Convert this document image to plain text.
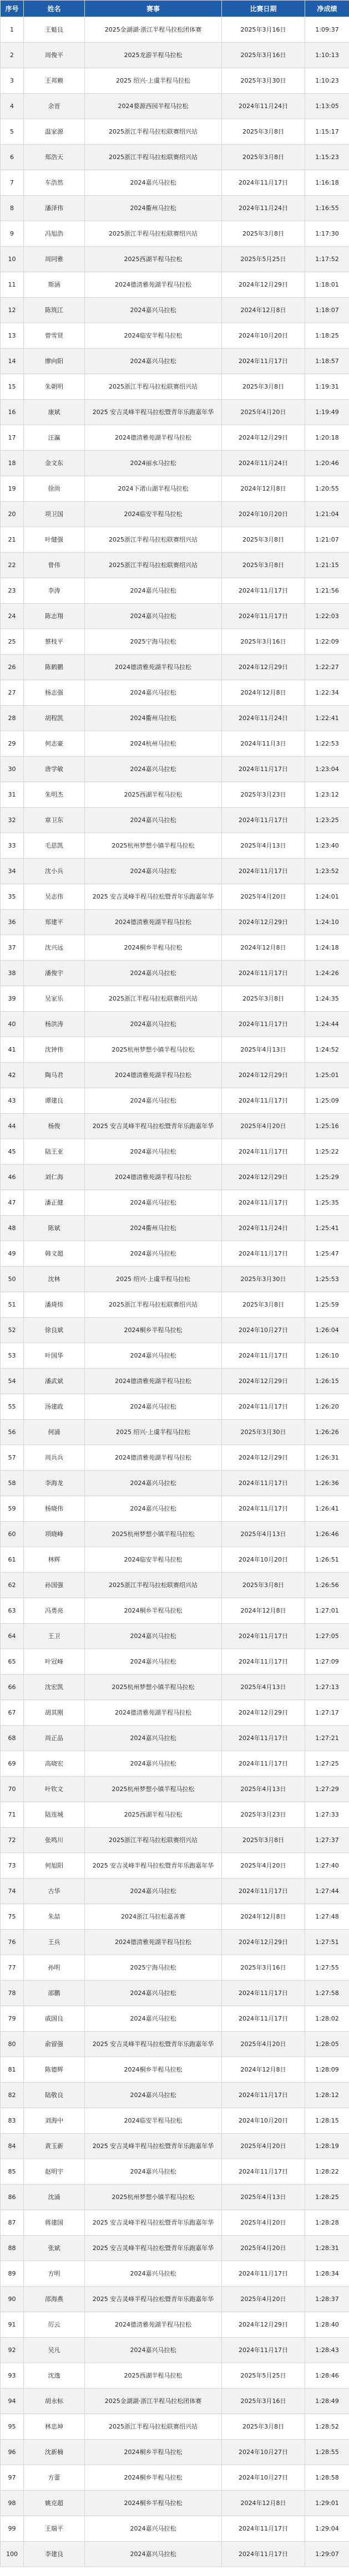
序号	姓名	赛事	比赛日期	净成绩
1	王魁良	2025金湖湖·浙江半程马拉松团体赛	2025年3月16日	1:09:37
2	周俊平	2025龙游半程马拉松	2025年3月16日	1:10:13
3	王邦赖	2025 绍兴·上虞半程马拉松	2025年3月30日	1:10:23
4	余晋	2024婺源西园半程马拉松	2024年11月24日	1:13:05
5	温家源	2025浙江半程马拉松联赛绍兴站	2025年3月8日	1:15:17
6	郑浩天	2025浙江半程马拉松联赛绍兴站	2025年3月8日	1:15:23
7	车浩然	2024嘉兴马拉松	2024年11月17日	1:16:18
8	潘泽伟	2024衢州马拉松	2024年11月24日	1:16:55
9	冯旭浩	2025浙江半程马拉松联赛绍兴站	2025年3月8日	1:17:30
10	周同雅	2025西湖半程马拉松	2025年5月25日	1:17:52
11	斯涵	2024德清雅苑湖半程马拉松	2024年12月29日	1:18:01
12	陈筑江	2024嘉兴马拉松	2024年12月8日	1:18:07
13	曾雪贤	2024临安半程马拉松	2024年10月20日	1:18:25
14	廖向阳	2024嘉兴马拉松	2024年11月17日	1:18:57
15	朱朝明	2025浙江半程马拉松联赛绍兴站	2025年3月8日	1:19:31
16	康斌	2025 安吉灵峰半程马拉松暨青年乐跑嘉年华	2025年4月20日	1:19:49
17	汪瀛	2024德清雅苑湖半程马拉松	2024年12月29日	1:20:18
18	金文东	2024丽水马拉松	2024年11月24日	1:20:46
19	徐尚	2024下渚山湖半程马拉松	2024年12月8日	1:20:55
20	项卫国	2024临安半程马拉松	2024年10月20日	1:21:04
21	叶健强	2025浙江半程马拉松联赛绍兴站	2025年3月8日	1:21:07
22	曾伟	2025浙江半程马拉松联赛绍兴站	2025年3月8日	1:21:15
23	李涛	2024嘉兴马拉松	2024年11月17日	1:21:56
24	陈志翔	2024嘉兴马拉松	2024年11月17日	1:22:03
25	蔡枝平	2025宁海马拉松	2025年3月16日	1:22:09
26	陈鹤鹏	2024德清雅苑湖半程马拉松	2024年12月29日	1:22:27
27	杨志强	2024嘉兴马拉松	2024年12月8日	1:22:34
28	胡程凯	2024衢州马拉松	2024年11月24日	1:22:41
29	何志豪	2024杭州马拉松	2024年11月3日	1:22:53
30	唐学敏	2024嘉兴马拉松	2024年11月17日	1:23:04
31	朱明杰	2025西湖半程马拉松	2025年3月23日	1:23:12
32	章卫东	2024嘉兴马拉松	2024年11月17日	1:23:25
33	毛思凯	2025杭州梦想小镇半程马拉松	2025年4月13日	1:23:40
34	沈小兵	2024嘉兴马拉松	2024年11月17日	1:23:52
35	吴志伟	2025 安吉灵峰半程马拉松暨青年乐跑嘉年华	2025年4月20日	1:24:01
36	郑建平	2024德清雅苑湖半程马拉松	2024年12月29日	1:24:10
37	沈兴远	2024桐乡半程马拉松	2024年12月8日	1:24:18
38	潘俊宇	2024嘉兴马拉松	2024年11月17日	1:24:26
39	吴家乐	2025浙江半程马拉松联赛绍兴站	2025年3月8日	1:24:35
40	杨洪涛	2024嘉兴马拉松	2024年11月17日	1:24:44
41	沈钟伟	2025杭州梦想小镇半程马拉松	2025年4月13日	1:24:52
42	陶马君	2024德清雅苑湖半程马拉松	2024年12月29日	1:25:01
43	谭建良	2024嘉兴马拉松	2024年11月17日	1:25:09
44	杨俊	2025 安吉灵峰半程马拉松暨青年乐跑嘉年华	2025年4月20日	1:25:16
45	陆王亚	2024嘉兴马拉松	2024年11月17日	1:25:22
46	刘仁海	2024德清雅苑湖半程马拉松	2024年12月29日	1:25:29
47	潘正健	2024嘉兴马拉松	2024年11月17日	1:25:35
48	陈斌	2024衢州马拉松	2024年11月24日	1:25:41
49	韩文超	2024嘉兴马拉松	2024年11月17日	1:25:47
50	沈林	2025 绍兴·上虞半程马拉松	2025年3月30日	1:25:53
51	潘琦炜	2025浙江半程马拉松联赛绍兴站	2025年3月8日	1:25:59
52	徐良斌	2024桐乡半程马拉松	2024年10月27日	1:26:04
53	叶国华	2024嘉兴马拉松	2024年11月17日	1:26:10
54	潘武斌	2024德清雅苑湖半程马拉松	2024年12月29日	1:26:15
55	汤建政	2024嘉兴马拉松	2024年11月17日	1:26:20
56	何涌	2025 绍兴·上虞半程马拉松	2025年3月30日	1:26:26
57	周兵兵	2024德清雅苑湖半程马拉松	2024年12月29日	1:26:31
58	李海龙	2024嘉兴马拉松	2024年11月17日	1:26:36
59	杨晓伟	2024嘉兴马拉松	2024年11月17日	1:26:41
60	项晓峰	2025杭州梦想小镇半程马拉松	2025年4月13日	1:26:46
61	林辉	2024临安半程马拉松	2024年10月20日	1:26:51
62	孙国强	2025浙江半程马拉松联赛绍兴站	2025年3月8日	1:26:56
63	冯勇亮	2024桐乡半程马拉松	2024年12月8日	1:27:01
64	王卫	2024嘉兴马拉松	2024年11月17日	1:27:05
65	叶冠峰	2024嘉兴马拉松	2024年11月17日	1:27:09
66	沈宏凯	2025杭州梦想小镇半程马拉松	2025年4月13日	1:27:13
67	胡其刚	2024德清雅苑湖半程马拉松	2024年12月29日	1:27:17
68	周正品	2024嘉兴马拉松	2024年11月17日	1:27:21
69	高晓宏	2024嘉兴马拉松	2024年11月17日	1:27:25
70	叶钦文	2025杭州梦想小镇半程马拉松	2025年4月13日	1:27:29
71	陆连城	2025西湖半程马拉松	2025年3月23日	1:27:33
72	张鸣川	2025浙江半程马拉松联赛绍兴站	2025年3月8日	1:27:37
73	何旭阳	2025 安吉灵峰半程马拉松暨青年乐跑嘉年华	2025年4月20日	1:27:40
74	古华	2024嘉兴马拉松	2024年11月17日	1:27:44
75	朱喆	2024浙江马拉松嘉善赛	2024年12月8日	1:27:48
76	王兵	2024德清雅苑湖半程马拉松	2024年12月29日	1:27:51
77	孙明	2025宁海马拉松	2025年3月16日	1:27:55
78	邵鹏	2024嘉兴马拉松	2024年11月17日	1:27:58
79	戚国良	2024嘉兴马拉松	2024年11月17日	1:28:02
80	俞留强	2025 安吉灵峰半程马拉松暨青年乐跑嘉年华	2025年4月20日	1:28:05
81	陈德辉	2024桐乡半程马拉松	2024年12月8日	1:28:09
82	陆敬良	2024嘉兴马拉松	2024年11月17日	1:28:12
83	刘海中	2024临安半程马拉松	2024年10月20日	1:28:15
84	黄玉新	2025 安吉灵峰半程马拉松暨青年乐跑嘉年华	2025年4月20日	1:28:19
85	赵明宇	2024嘉兴马拉松	2024年11月17日	1:28:22
86	沈涌	2025杭州梦想小镇半程马拉松	2025年4月13日	1:28:25
87	蒋建国	2025 安吉灵峰半程马拉松暨青年乐跑嘉年华	2025年4月20日	1:28:28
88	张斌	2025 安吉灵峰半程马拉松暨青年乐跑嘉年华	2025年4月20日	1:28:31
89	方明	2024嘉兴马拉松	2024年11月17日	1:28:34
90	邵海燕	2025 安吉灵峰半程马拉松暨青年乐跑嘉年华	2025年4月20日	1:28:37
91	厉云	2024德清雅苑湖半程马拉松	2024年12月29日	1:28:40
92	吴凡	2024嘉兴马拉松	2024年11月17日	1:28:43
93	沈逸	2025西湖半程马拉松	2025年5月25日	1:28:46
94	胡永标	2025金湖湖·浙江半程马拉松团体赛	2025年3月16日	1:28:49
95	林忠坤	2025浙江半程马拉松联赛绍兴站	2025年3月8日	1:28:52
96	沈新楠	2024桐乡半程马拉松	2024年10月27日	1:28:55
97	方蕾	2024桐乡半程马拉松	2024年10月27日	1:28:58
98	姚克超	2024桐乡半程马拉松	2024年12月8日	1:29:01
99	王瑞平	2024嘉兴马拉松	2024年11月17日	1:29:04
100	李建良	2024嘉兴马拉松	2024年11月17日	1:29:07
